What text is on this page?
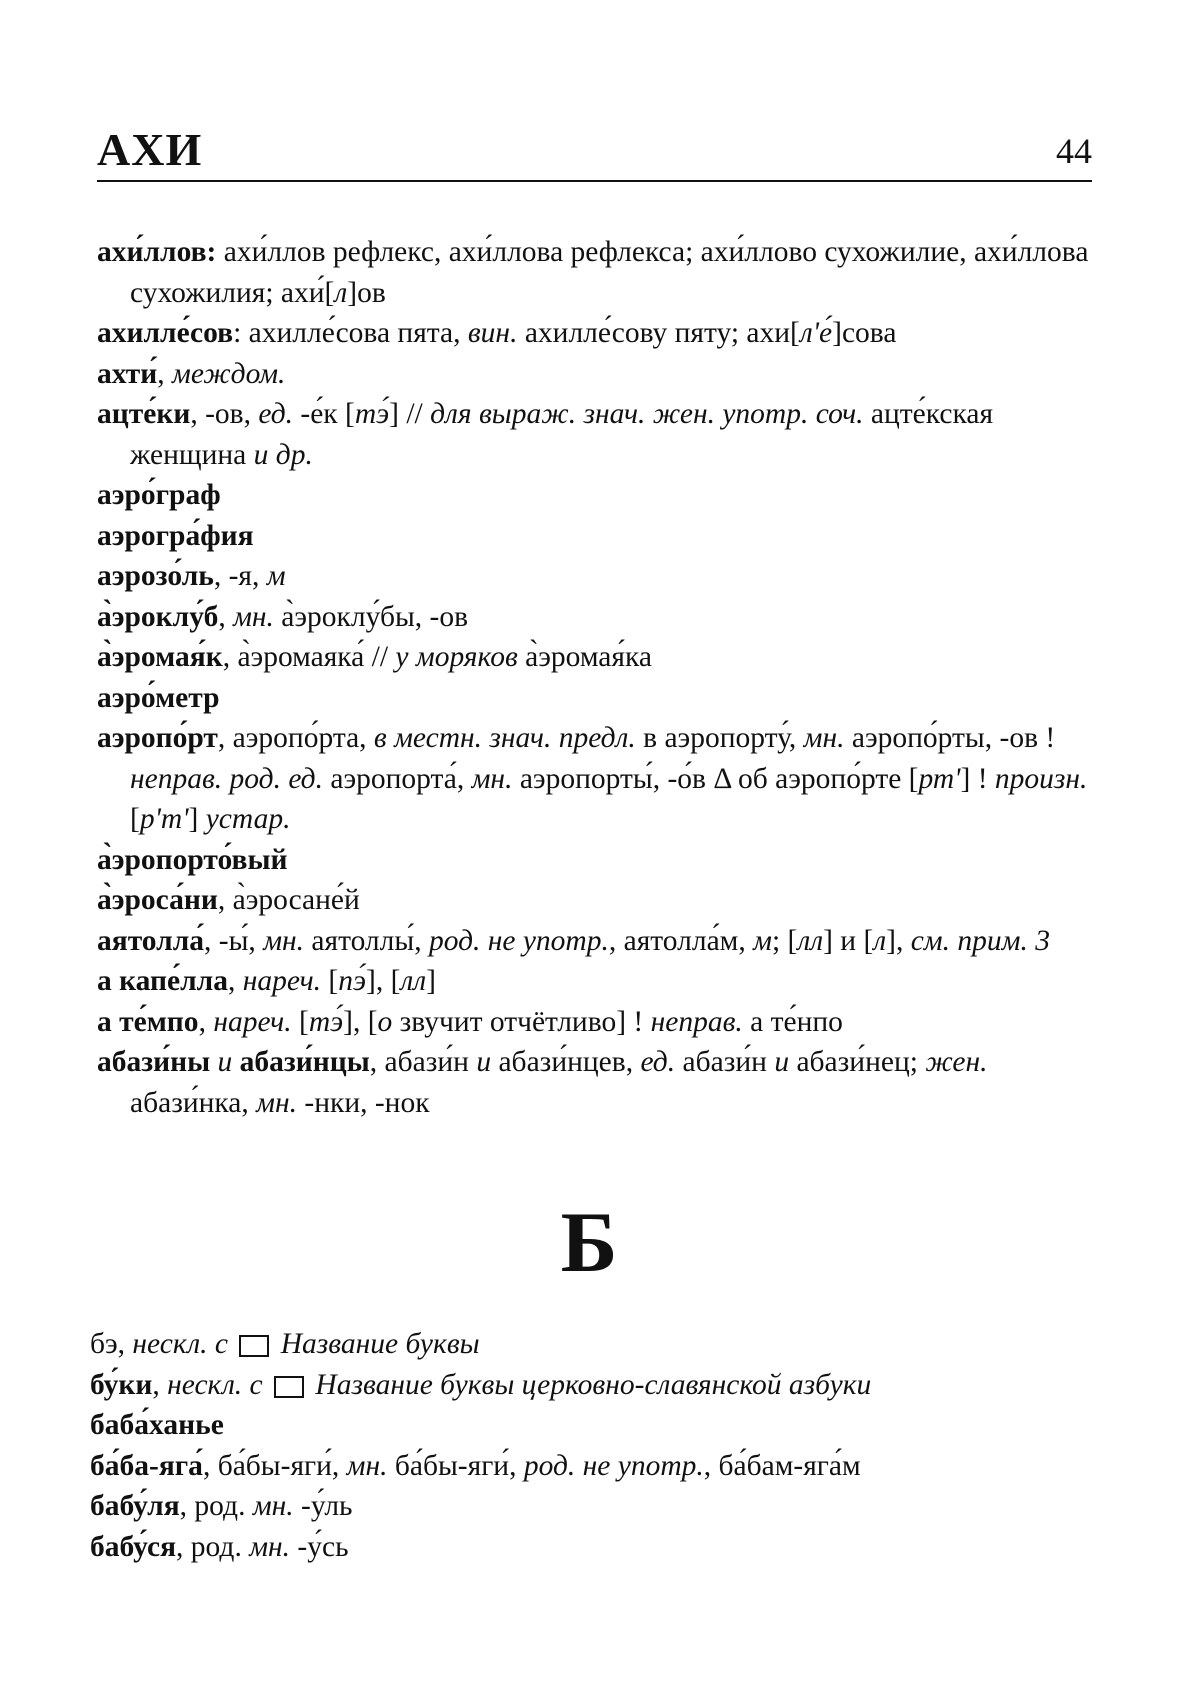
АХИ	44

ахи́ллов: ахи́ллов рефлекс, ахи́ллова рефлекса; ахи́ллово сухожилие, ахи́ллова сухожилия; ахи́[л]ов

ахилле́сов: ахилле́сова пята, вин. ахилле́сову пяту; ахи[лʹе́]сова

ахти́, междом.

ацте́ки, -ов, ед. -е́к [тэ́] // для выраж. знач. жен. употр. соч. ацте́кская женщина и др.

аэро́граф

аэрогра́фия

аэрозо́ль, -я, м

а̀эроклу́б, мн. а̀эроклу́бы, -ов

а̀эромая́к, а̀эромаяка́ // у моряков а̀эромая́ка

аэро́метр

аэропо́рт, аэропо́рта, в местн. знач. предл. в аэропорту́, мн. аэропо́рты, -ов ! неправ. род. ед. аэропорта́, мн. аэропорты́, -о́в Δ об аэропо́рте [ртʹ] ! произн. [рʹтʹ] устар.

а̀эропорто́вый

а̀эроса́ни, а̀эросане́й

аятолла́, -ы́, мн. аятоллы́, род. не употр., аятолла́м, м; [лл] и [л], см. прим. 3

а капе́лла, нареч. [пэ́], [лл]

а те́мпо, нареч. [тэ́], [о звучит отчётливо] ! неправ. а те́нпо

абази́ны и абази́нцы, абази́н и абази́нцев, ед. абази́н и абази́нец; жен. абази́нка, мн. -нки, -нок

Б

бэ, нескл. с Название буквы

бу́ки, нескл. с Название буквы церковно-славянской азбуки

баба́ханье

ба́ба-яга́, ба́бы-яги́, мн. ба́бы-яги́, род. не употр., ба́бам-яга́м

бабу́ля, род. мн. -у́ль

бабу́ся, род. мн. -у́сь
